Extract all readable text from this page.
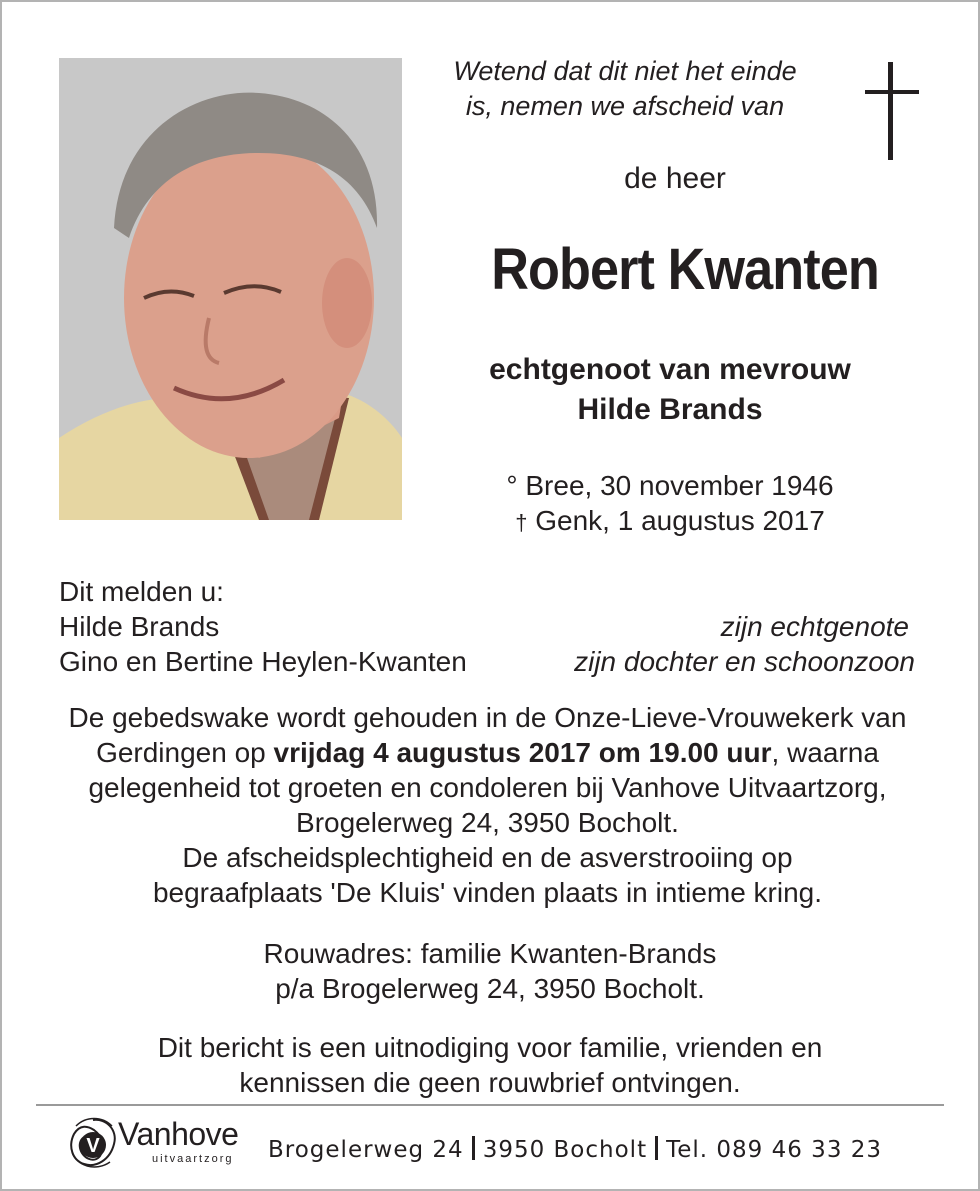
Wetend dat dit niet het einde
is, nemen we afscheid van
de heer
Robert Kwanten
echtgenoot van mevrouw
Hilde Brands
° Bree, 30 november 1946
† Genk, 1 augustus 2017
Dit melden u:
Hilde Brands	zijn echtgenote
Gino en Bertine Heylen-Kwanten	zijn dochter en schoonzoon
De gebedswake wordt gehouden in de Onze-Lieve-Vrouwekerk van Gerdingen op vrijdag 4 augustus 2017 om 19.00 uur, waarna gelegenheid tot groeten en condoleren bij Vanhove Uitvaartzorg, Brogelerweg 24, 3950 Bocholt.
De afscheidsplechtigheid en de asverstrooiing op begraafplaats 'De Kluis' vinden plaats in intieme kring.
Rouwadres: familie Kwanten-Brands
p/a Brogelerweg 24, 3950 Bocholt.
Dit bericht is een uitnodiging voor familie, vrienden en
kennissen die geen rouwbrief ontvingen.
V Vanhove
uitvaartzorg Brogelerweg 24 3950 Bocholt Tel. 089 46 33 23
